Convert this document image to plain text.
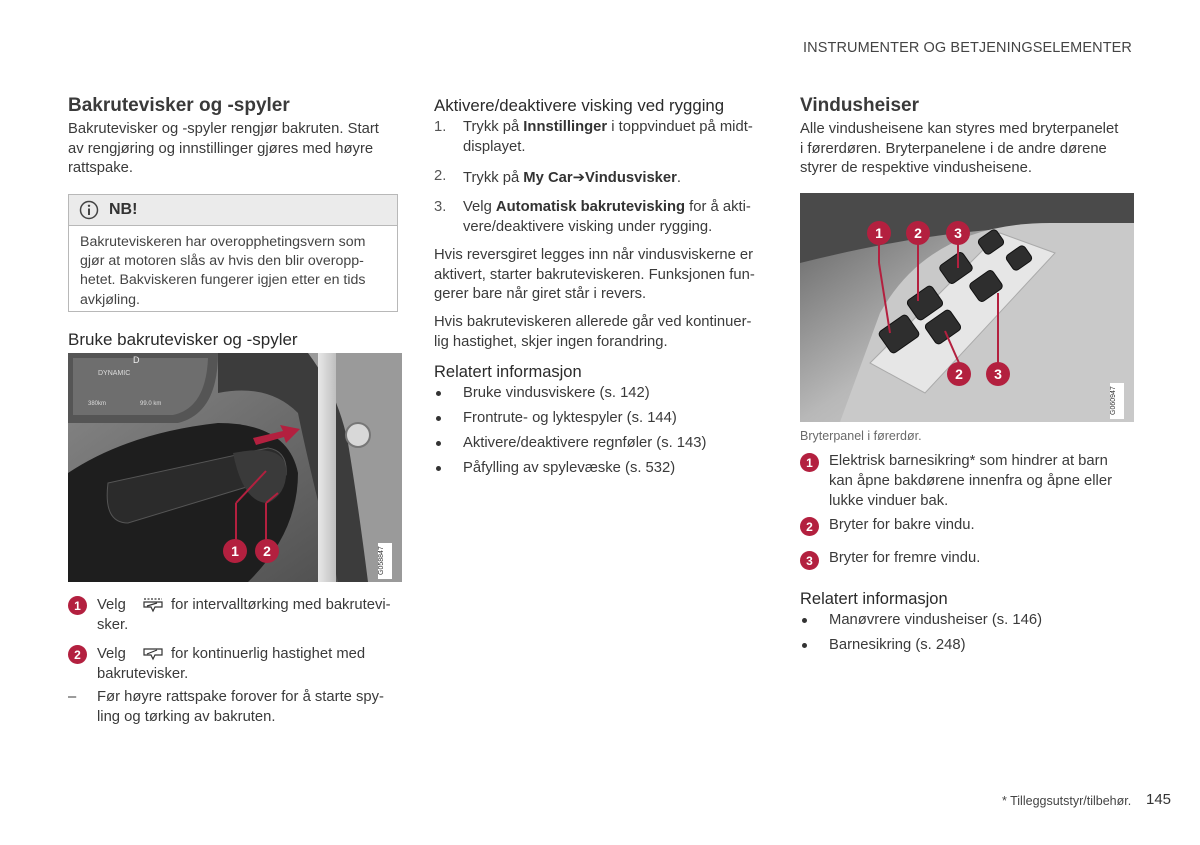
INSTRUMENTER OG BETJENINGSELEMENTER
Bakrutevisker og -spyler

Bakrutevisker og -spyler rengjør bakruten. Start

av rengjøring og innstillinger gjøres med høyre

rattspake.

NB!
Bakruteviskeren har overopphetingsvern som
gjør at motoren slås av hvis den blir overopp-
hetet. Bakviskeren fungerer igjen etter en tids
avkjøling.
Bruke bakrutevisker og -spyler
DYNAMIC
D
380km	99.0 km
1	2	G058847
1	Velg	for intervalltørking med bakrutevi-
sker.
2	Velg	for kontinuerlig hastighet med
bakrutevisker.
– Før høyre rattspake forover for å starte spy-
ling og tørking av bakruten.
Aktivere/deaktivere visking ved rygging
1. Trykk på Innstillinger i toppvinduet på midt-
displayet.
2. Trykk på My Car➔Vindusvisker.
3. Velg Automatisk bakrutevisking for å akti-
vere/deaktivere visking under rygging.

Hvis reversgiret legges inn når vindusviskerne er

aktivert, starter bakruteviskeren. Funksjonen fun-

gerer bare når giret står i revers.

Hvis bakruteviskeren allerede går ved kontinuer-

lig hastighet, skjer ingen forandring.

Relatert informasjon
Bruke vindusviskere (s. 142)
Frontrute- og lyktespyler (s. 144)
Aktivere/deaktivere regnføler (s. 143)
Påfylling av spylevæske (s. 532)
Vindusheiser

Alle vindusheisene kan styres med bryterpanelet

i førerdøren. Bryterpanelene i de andre dørene

styrer de respektive vindusheisene.

1	2	3
2	3
G060947
Bryterpanel i førerdør.
1	Elektrisk barnesikring* som hindrer at barn
kan åpne bakdørene innenfra og åpne eller
lukke vinduer bak.
2	Bryter for bakre vindu.
3	Bryter for fremre vindu.
Relatert informasjon
Manøvrere vindusheiser (s. 146)
Barnesikring (s. 248)
* Tilleggsutstyr/tilbehør. 145
